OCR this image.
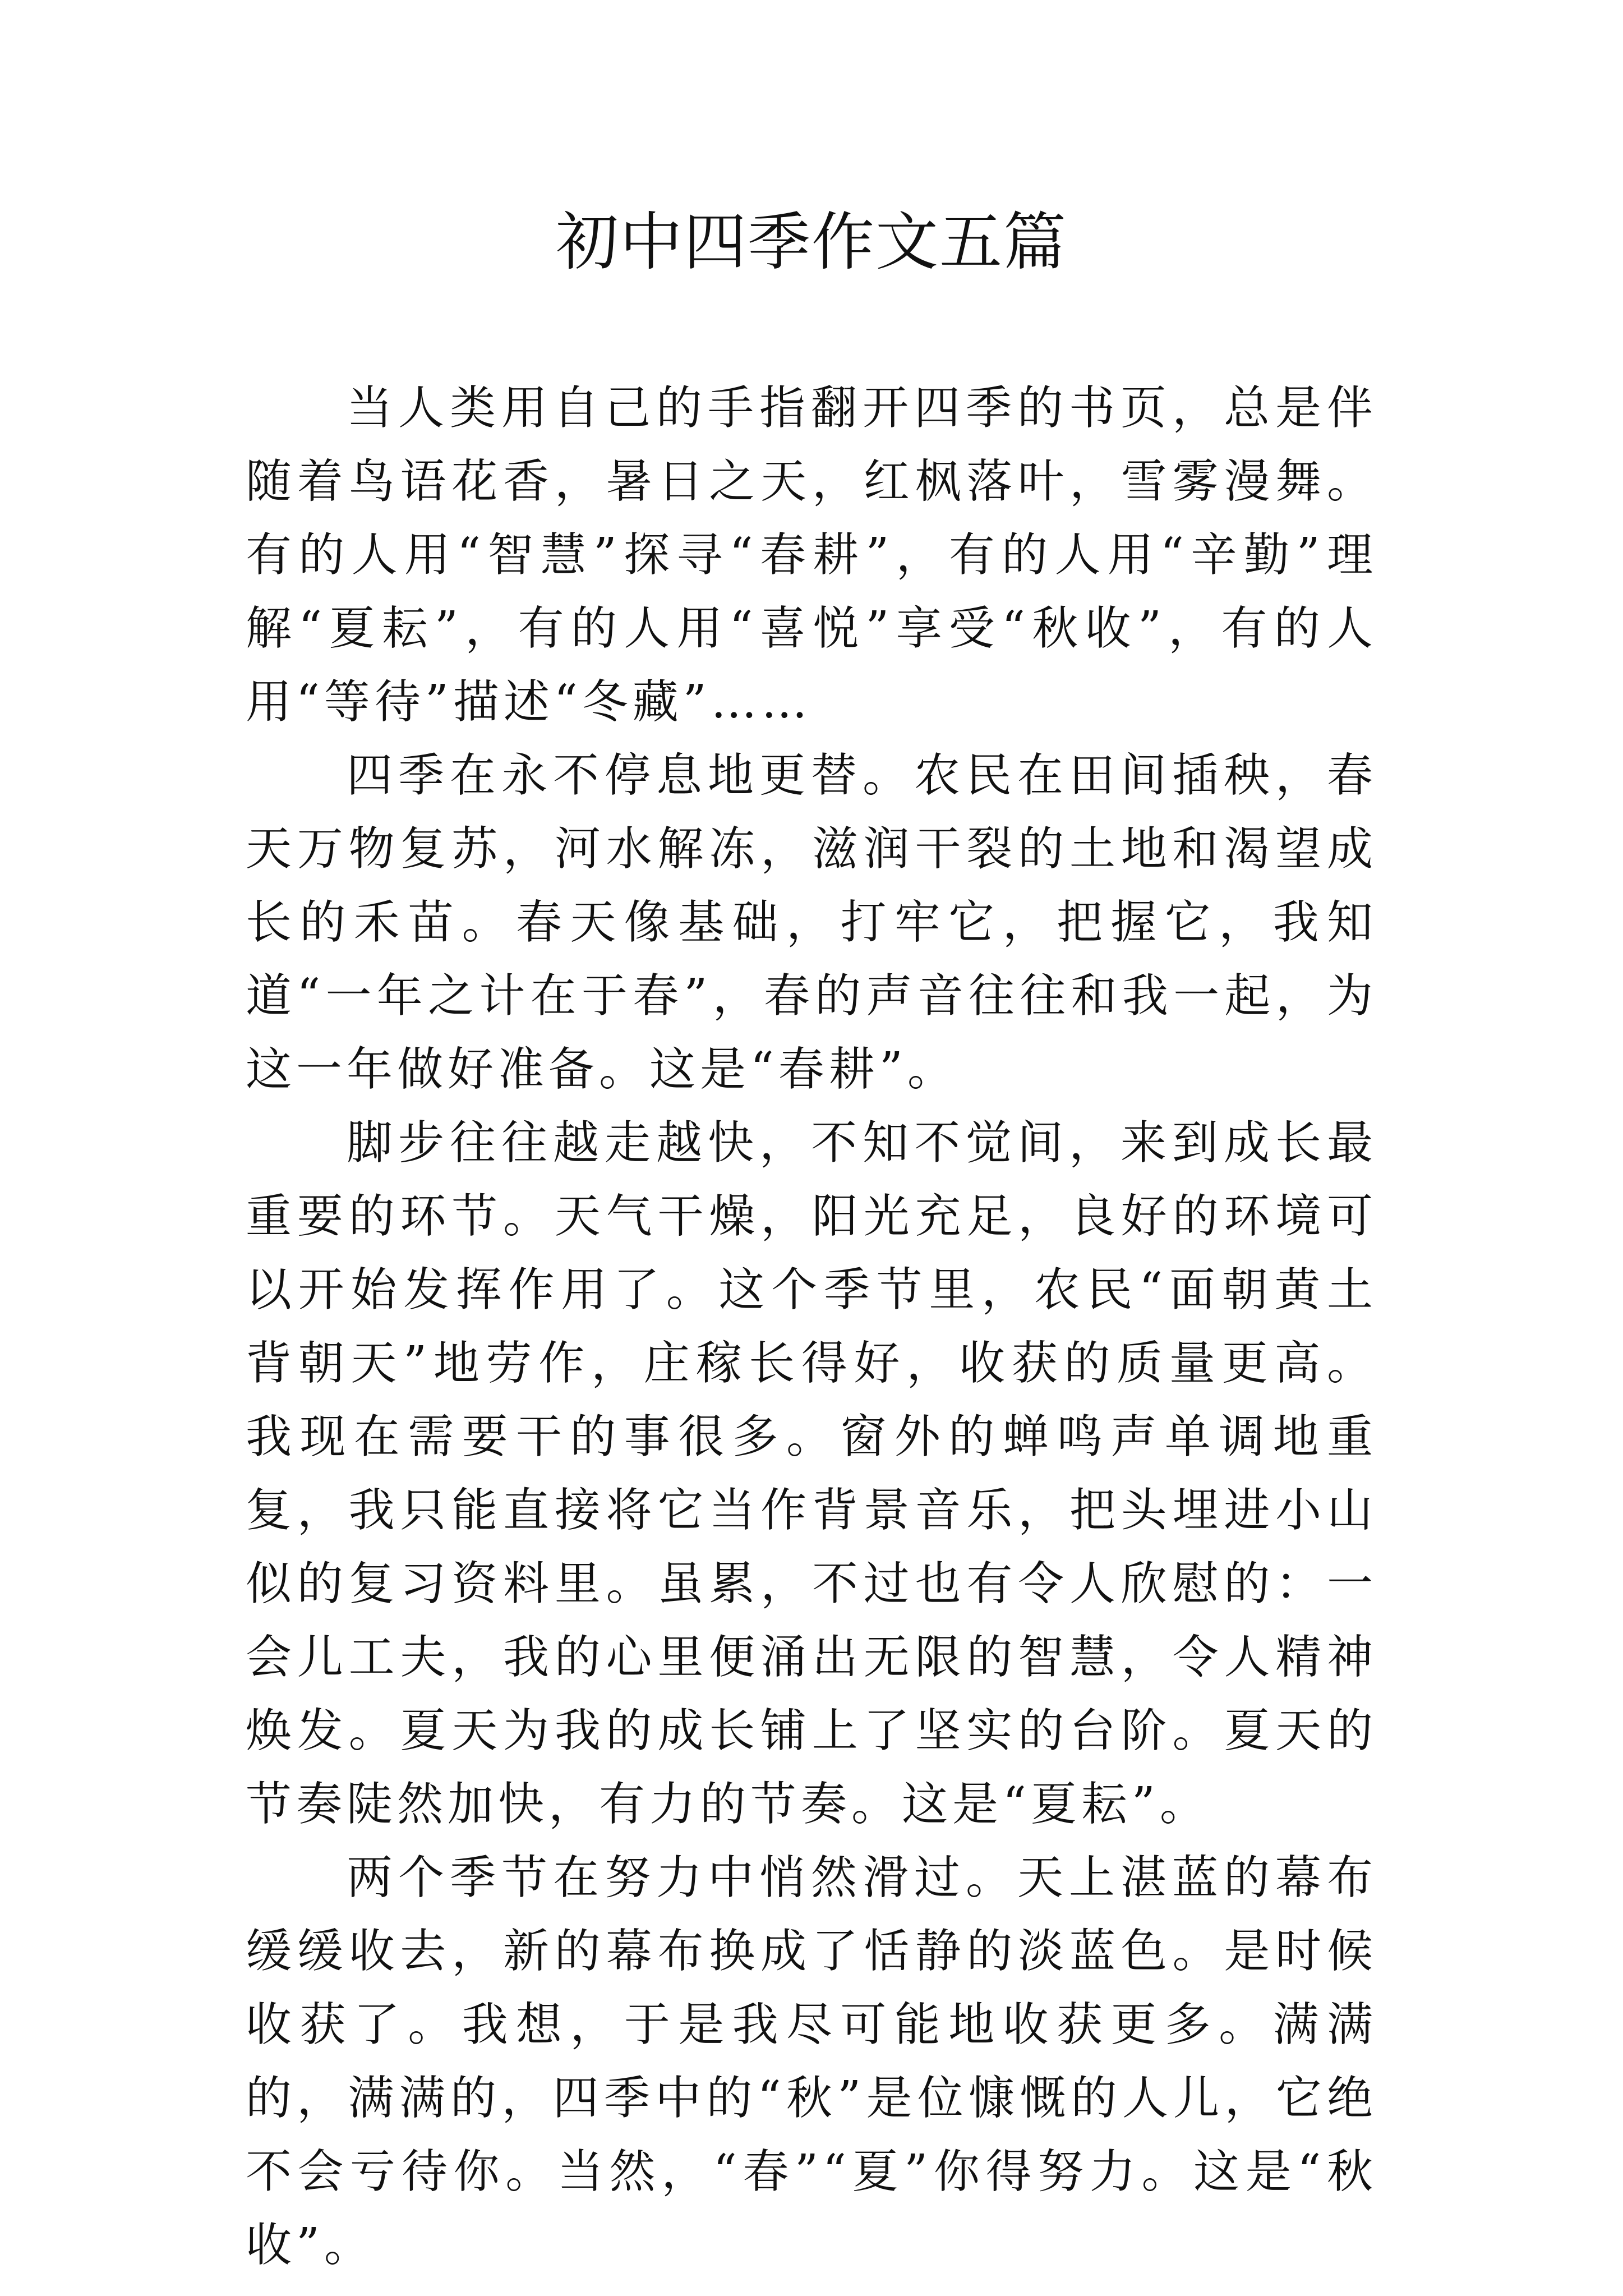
初中四季作文五篇

当人类用自己的手指翻开四季的书页，总是伴随着鸟语花香，暑日之天，红枫落叶，雪雾漫舞。有的人用“智慧”探寻“春耕”，有的人用“辛勤”理解“夏耘”，有的人用“喜悦”享受“秋收”，有的人用“等待”描述“冬藏”……

四季在永不停息地更替。农民在田间插秧，春天万物复苏，河水解冻，滋润干裂的土地和渴望成长的禾苗。春天像基础，打牢它，把握它，我知道“一年之计在于春”，春的声音往往和我一起，为这一年做好准备。这是“春耕”。

脚步往往越走越快，不知不觉间，来到成长最重要的环节。天气干燥，阳光充足，良好的环境可以开始发挥作用了。这个季节里，农民“面朝黄土背朝天”地劳作，庄稼长得好，收获的质量更高。我现在需要干的事很多。窗外的蝉鸣声单调地重复，我只能直接将它当作背景音乐，把头埋进小山似的复习资料里。虽累，不过也有令人欣慰的：一会儿工夫，我的心里便涌出无限的智慧，令人精神焕发。夏天为我的成长铺上了坚实的台阶。夏天的节奏陡然加快，有力的节奏。这是“夏耘”。

两个季节在努力中悄然滑过。天上湛蓝的幕布缓缓收去，新的幕布换成了恬静的淡蓝色。是时候收获了。我想，于是我尽可能地收获更多。满满的，满满的，四季中的“秋”是位慷慨的人儿，它绝不会亏待你。当然，“春”“夏”你得努力。这是“秋收”。
